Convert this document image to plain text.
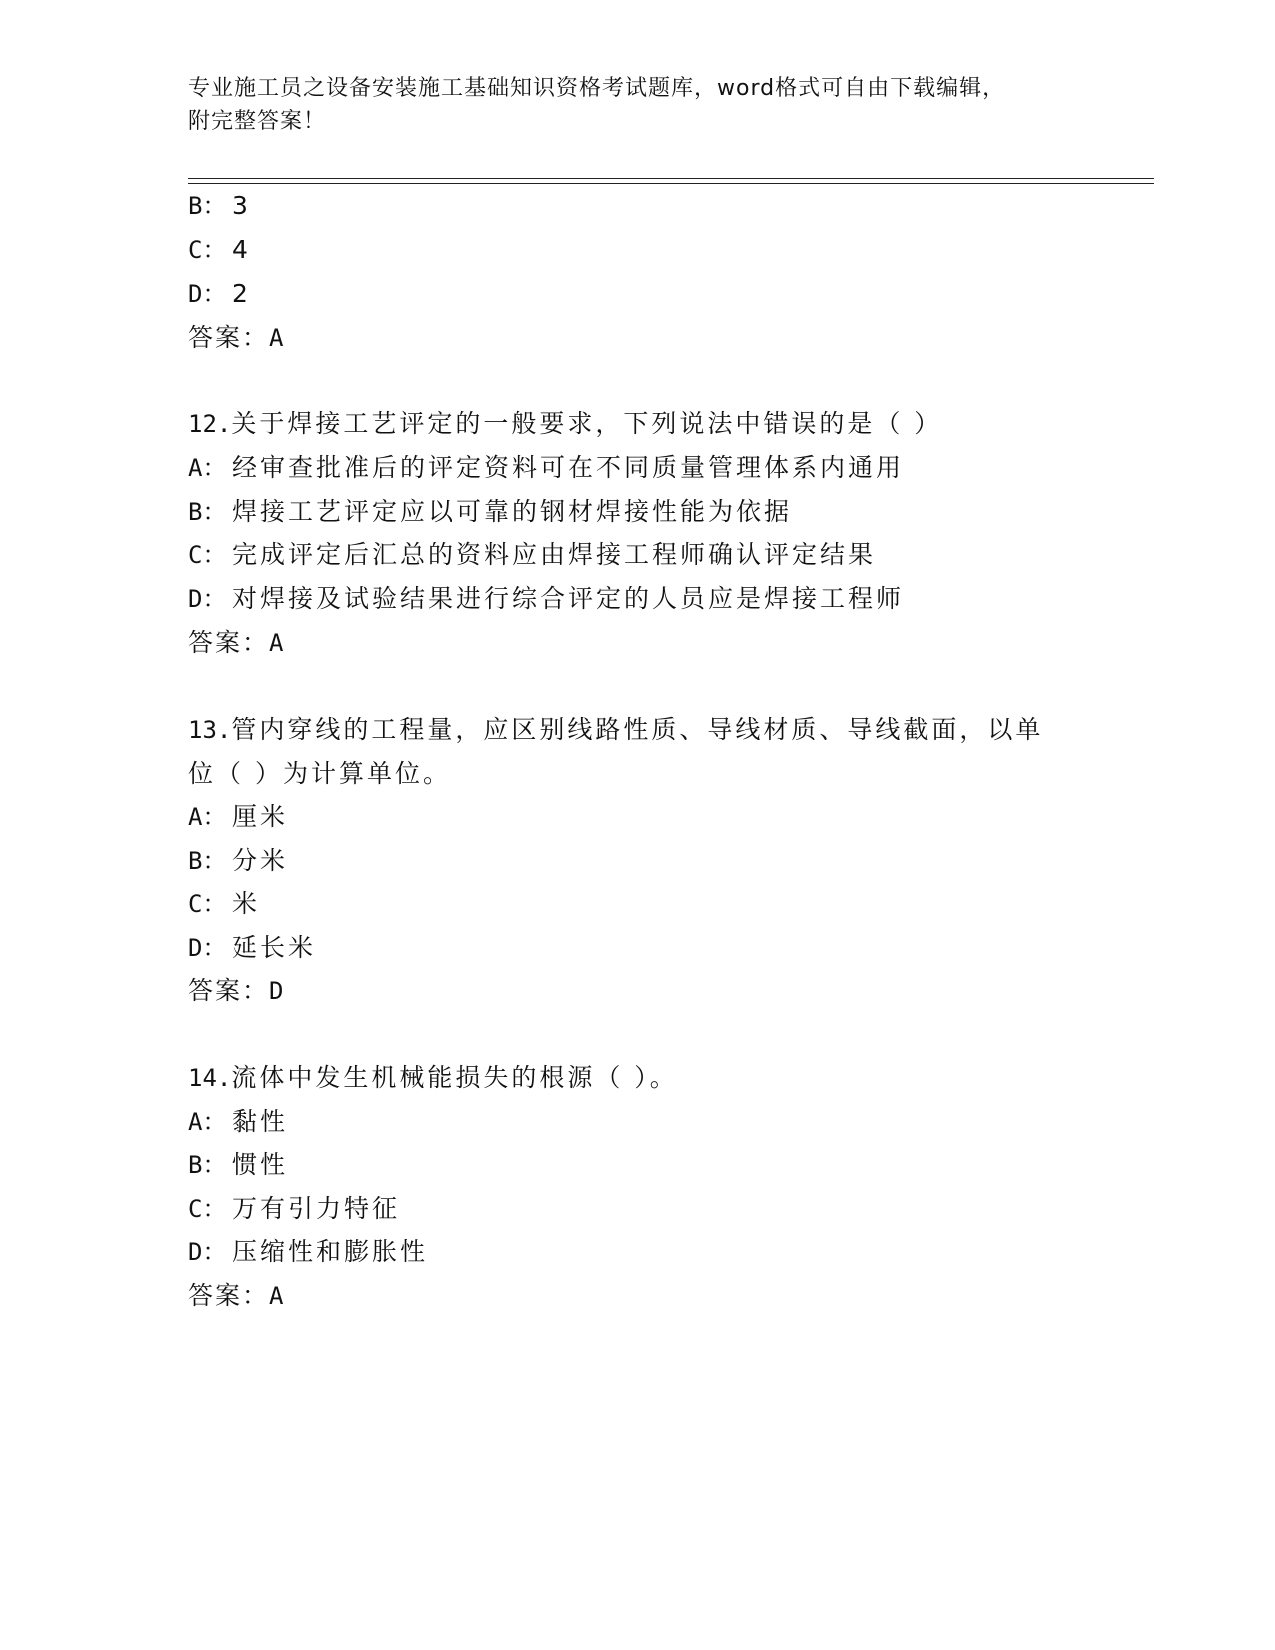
专业施工员之设备安装施工基础知识资格考试题库，word格式可自由下载编辑，
附完整答案！
B： 3
C： 4
D： 2
答案：A
12.关于焊接工艺评定的一般要求，下列说法中错误的是（ ）
A： 经审查批准后的评定资料可在不同质量管理体系内通用
B： 焊接工艺评定应以可靠的钢材焊接性能为依据
C： 完成评定后汇总的资料应由焊接工程师确认评定结果
D： 对焊接及试验结果进行综合评定的人员应是焊接工程师
答案：A
13.管内穿线的工程量，应区别线路性质、导线材质、导线截面，以单
位（ ）为计算单位。
A： 厘米
B： 分米
C： 米
D： 延长米
答案：D
14.流体中发生机械能损失的根源（ ）。
A： 黏性
B： 惯性
C： 万有引力特征
D： 压缩性和膨胀性
答案：A
